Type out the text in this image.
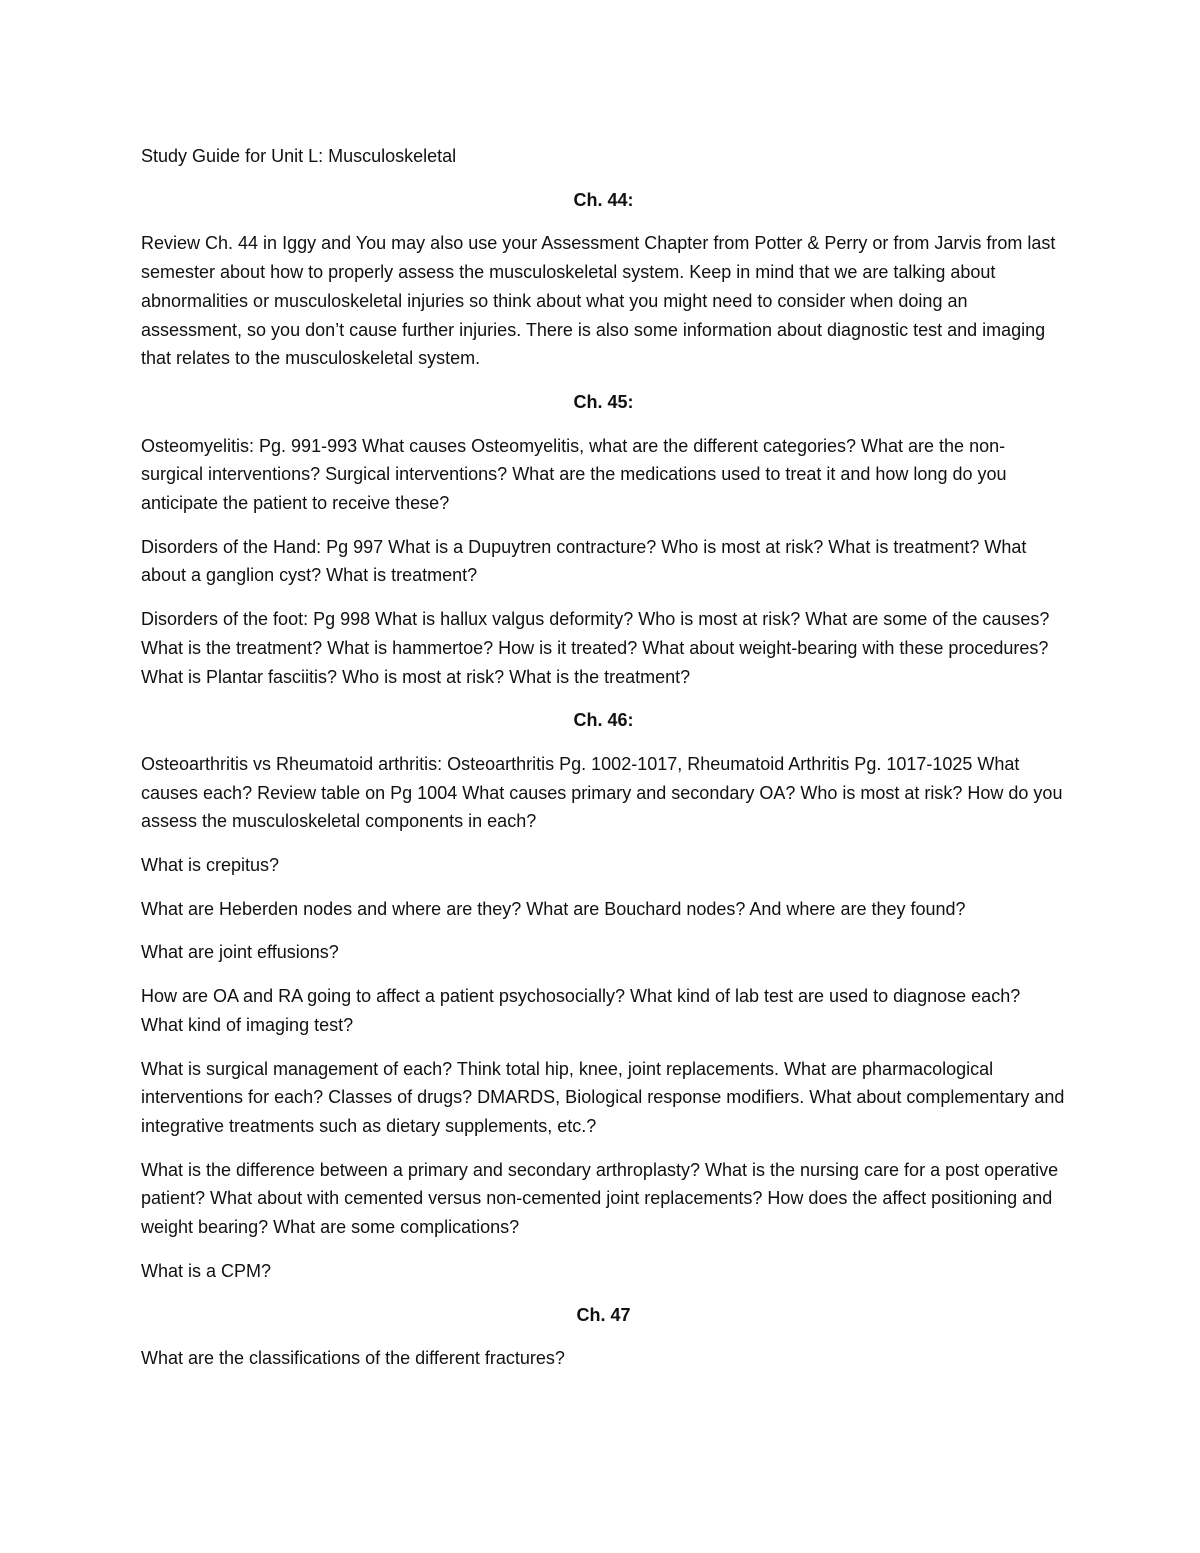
Study Guide for Unit L: Musculoskeletal

Ch. 44:

Review Ch. 44 in Iggy and You may also use your Assessment Chapter from Potter & Perry or from Jarvis from last semester about how to properly assess the musculoskeletal system. Keep in mind that we are talking about abnormalities or musculoskeletal injuries so think about what you might need to consider when doing an assessment, so you don’t cause further injuries. There is also some information about diagnostic test and imaging that relates to the musculoskeletal system.

Ch. 45:

Osteomyelitis: Pg. 991-993 What causes Osteomyelitis, what are the different categories? What are the non-surgical interventions? Surgical interventions? What are the medications used to treat it and how long do you anticipate the patient to receive these?

Disorders of the Hand: Pg 997 What is a Dupuytren contracture? Who is most at risk? What is treatment? What about a ganglion cyst? What is treatment?

Disorders of the foot: Pg 998 What is hallux valgus deformity? Who is most at risk? What are some of the causes? What is the treatment? What is hammertoe? How is it treated? What about weight-bearing with these procedures? What is Plantar fasciitis? Who is most at risk? What is the treatment?

Ch. 46:

Osteoarthritis vs Rheumatoid arthritis: Osteoarthritis Pg. 1002-1017, Rheumatoid Arthritis Pg. 1017-1025 What causes each? Review table on Pg 1004 What causes primary and secondary OA? Who is most at risk? How do you assess the musculoskeletal components in each?

What is crepitus?

What are Heberden nodes and where are they? What are Bouchard nodes? And where are they found?

What are joint effusions?

How are OA and RA going to affect a patient psychosocially? What kind of lab test are used to diagnose each? What kind of imaging test?

What is surgical management of each? Think total hip, knee, joint replacements. What are pharmacological interventions for each? Classes of drugs? DMARDS, Biological response modifiers. What about complementary and integrative treatments such as dietary supplements, etc.?

What is the difference between a primary and secondary arthroplasty? What is the nursing care for a post operative patient? What about with cemented versus non-cemented joint replacements? How does the affect positioning and weight bearing? What are some complications?

What is a CPM?

Ch. 47

What are the classifications of the different fractures?
